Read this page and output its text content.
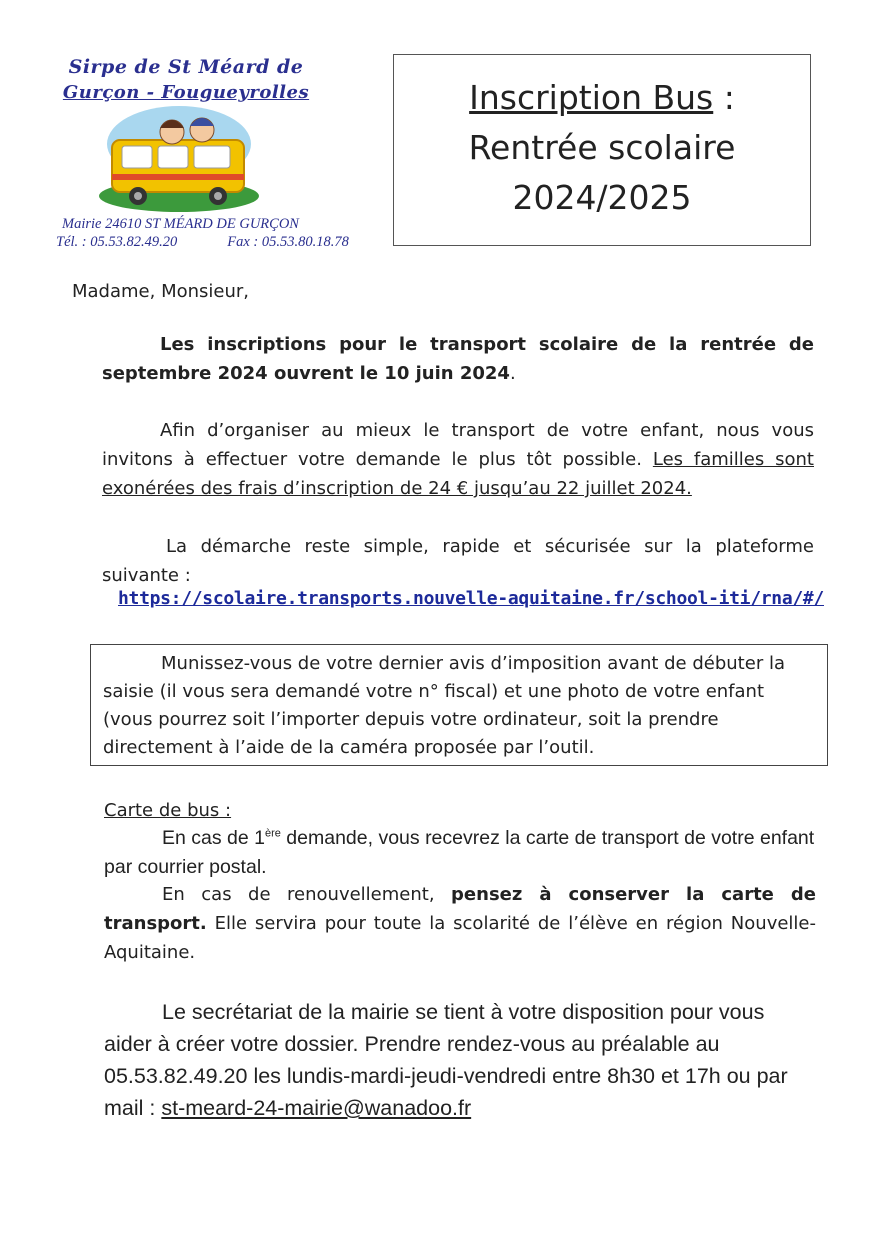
Sirpe de St Méard de
Gurçon - Fougueyrolles
Mairie 24610 ST MÉARD DE GURÇON
Tél. : 05.53.82.49.20	Fax : 05.53.80.18.78
Inscription Bus :
Rentrée scolaire
2024/2025
Madame, Monsieur,
Les inscriptions pour le transport scolaire de la rentrée de septembre 2024 ouvrent le 10 juin 2024.
Afin d’organiser au mieux le transport de votre enfant, nous vous invitons à effectuer votre demande le plus tôt possible. Les familles sont exonérées des frais d’inscription de 24 € jusqu’au 22 juillet 2024.
La démarche reste simple, rapide et sécurisée sur la plateforme suivante :
https://scolaire.transports.nouvelle-aquitaine.fr/school-iti/rna/#/
Munissez-vous de votre dernier avis d’imposition avant de débuter la saisie (il vous sera demandé votre n° fiscal) et une photo de votre enfant (vous pourrez soit l’importer depuis votre ordinateur, soit la prendre directement à l’aide de la caméra proposée par l’outil.
Carte de bus :
En cas de 1ère demande, vous recevrez la carte de transport de votre enfant par courrier postal.
En cas de renouvellement, pensez à conserver la carte de transport. Elle servira pour toute la scolarité de l’élève en région Nouvelle-Aquitaine.
Le secrétariat de la mairie se tient à votre disposition pour vous aider à créer votre dossier. Prendre rendez-vous au préalable au 05.53.82.49.20 les lundis-mardi-jeudi-vendredi entre 8h30 et 17h ou par mail : st-meard-24-mairie@wanadoo.fr
